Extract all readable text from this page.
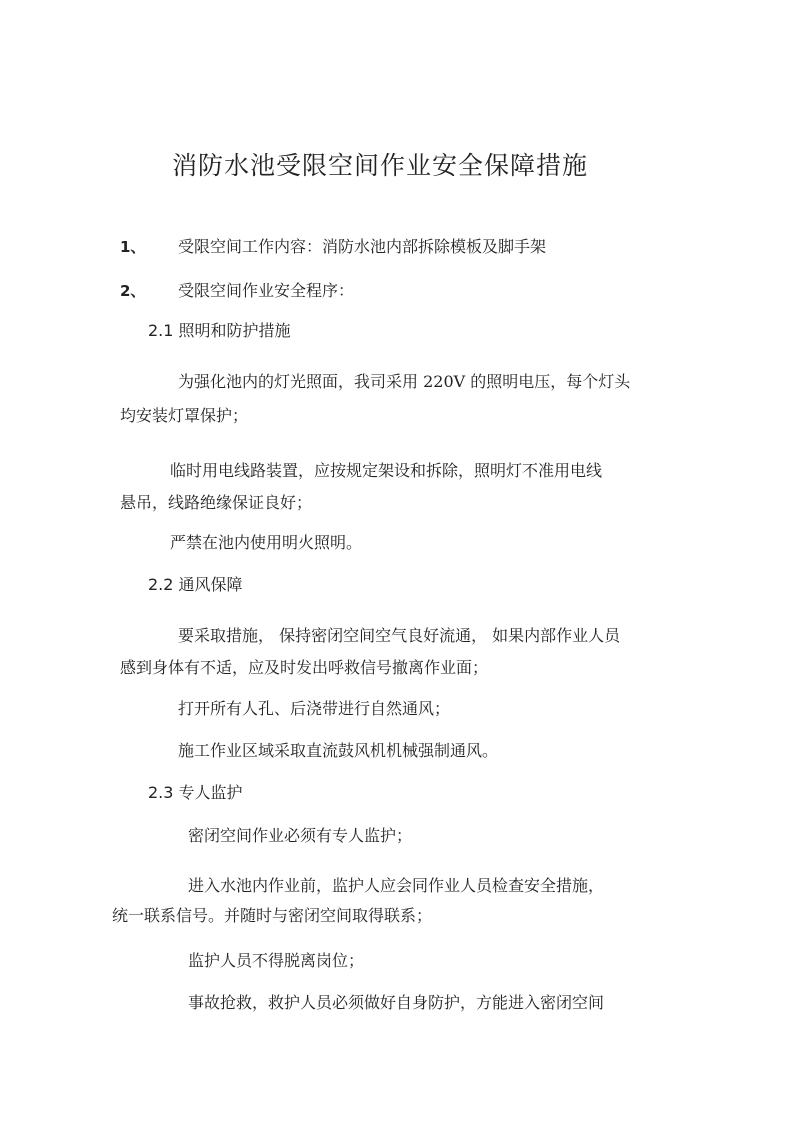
消防水池受限空间作业安全保障措施
1、 受限空间工作内容：消防水池内部拆除模板及脚手架
2、 受限空间作业安全程序：
2.1 照明和防护措施
为强化池内的灯光照面，我司采用 220V 的照明电压，每个灯头
均安装灯罩保护；
临时用电线路装置，应按规定架设和拆除，照明灯不准用电线
悬吊，线路绝缘保证良好；
严禁在池内使用明火照明。
2.2 通风保障
要采取措施， 保持密闭空间空气良好流通， 如果内部作业人员
感到身体有不适，应及时发出呼救信号撤离作业面；
打开所有人孔、后浇带进行自然通风；
施工作业区域采取直流鼓风机机械强制通风。
2.3 专人监护
密闭空间作业必须有专人监护；
进入水池内作业前，监护人应会同作业人员检查安全措施，
统一联系信号。并随时与密闭空间取得联系；
监护人员不得脱离岗位；
事故抢救，救护人员必须做好自身防护，方能进入密闭空间
